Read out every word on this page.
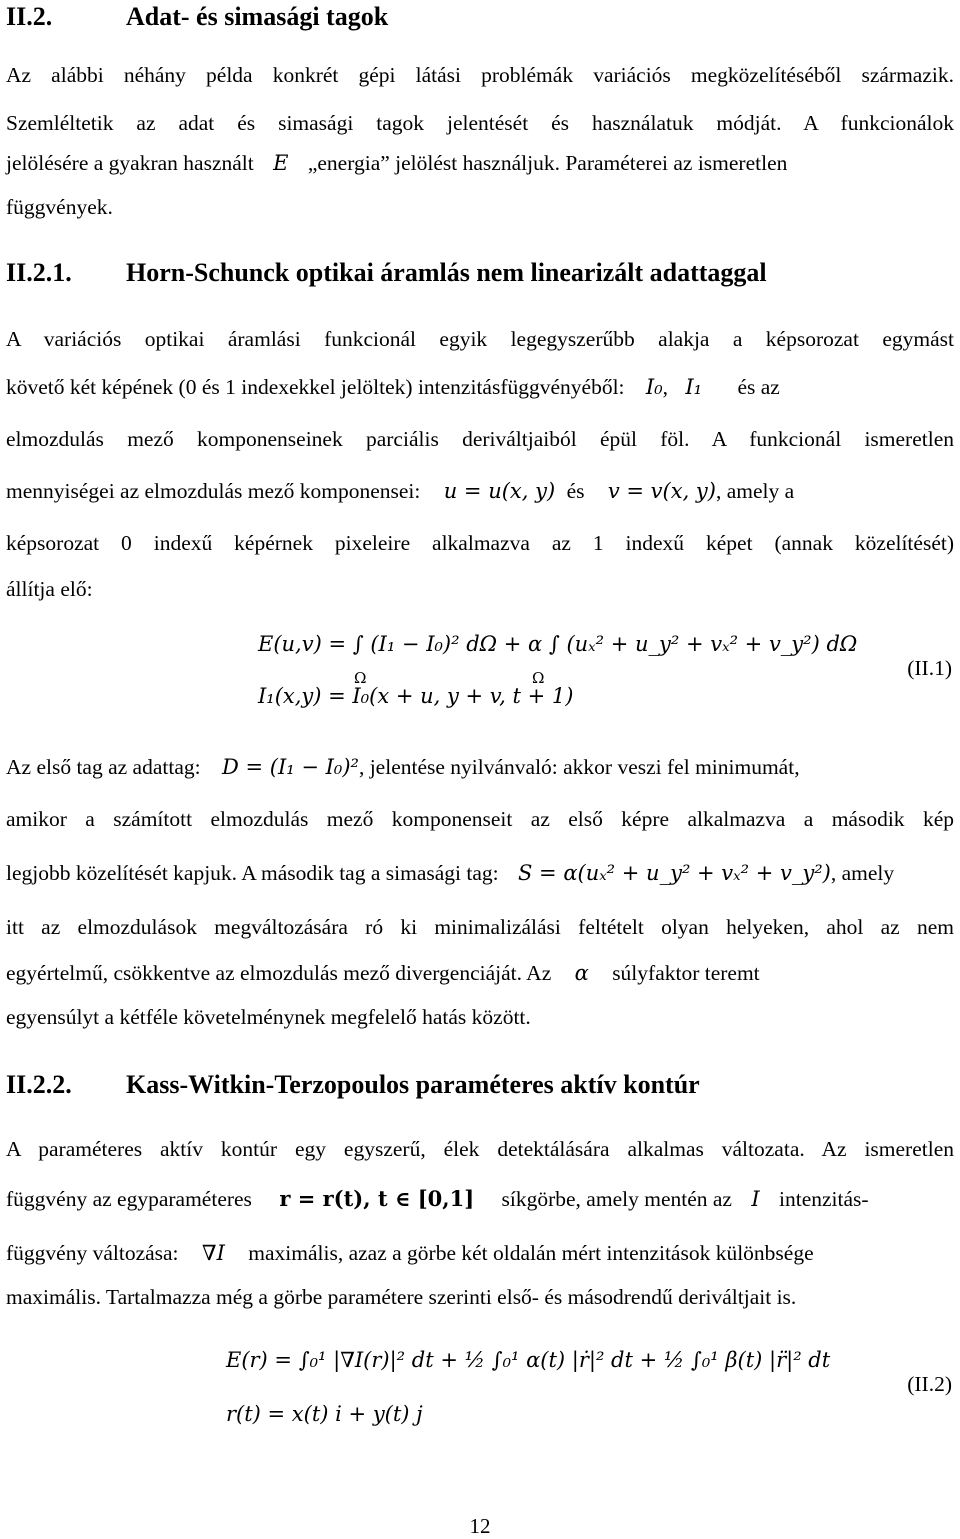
II.2.	Adat- és simasági tagok
Az alábbi néhány példa konkrét gépi látási problémák variációs megközelítéséből származik.
Szemléltetik az adat és simasági tagok jelentését és használatuk módját. A funkcionálok
jelölésére a gyakran használt E „energia” jelölést használjuk. Paraméterei az ismeretlen
függvények.
II.2.1. Horn-Schunck optikai áramlás nem linearizált adattaggal
A variációs optikai áramlási funkcionál egyik legegyszerűbb alakja a képsorozat egymást
követő két képének (0 és 1 indexekkel jelöltek) intenzitásfüggvényéből: I₀, I₁ és az
elmozdulás mező komponenseinek parciális deriváltjaiból épül föl. A funkcionál ismeretlen
mennyiségei az elmozdulás mező komponensei: u = u(x, y) és v = v(x, y), amely a
képsorozat 0 indexű képérnek pixeleire alkalmazva az 1 indexű képet (annak közelítését)
állítja elő:
E(u,v) = ∫ (I₁ − I₀)² dΩ + α ∫ (uₓ² + u_y² + vₓ² + v_y²) dΩ
Ω	Ω
I₁(x,y) = I₀(x + u, y + v, t + 1)
(II.1)
Az első tag az adattag: D = (I₁ − I₀)², jelentése nyilvánvaló: akkor veszi fel minimumát,
amikor a számított elmozdulás mező komponenseit az első képre alkalmazva a második kép
legjobb közelítését kapjuk. A második tag a simasági tag: S = α(uₓ² + u_y² + vₓ² + v_y²), amely
itt az elmozdulások megváltozására ró ki minimalizálási feltételt olyan helyeken, ahol az nem
egyértelmű, csökkentve az elmozdulás mező divergenciáját. Az α súlyfaktor teremt
egyensúlyt a kétféle követelménynek megfelelő hatás között.
II.2.2. Kass-Witkin-Terzopoulos paraméteres aktív kontúr
A paraméteres aktív kontúr egy egyszerű, élek detektálására alkalmas változata. Az ismeretlen
függvény az egyparaméteres r = r(t), t ∈ [0,1] síkgörbe, amely mentén az I intenzitás-
függvény változása: ∇I maximális, azaz a görbe két oldalán mért intenzitások különbsége
maximális. Tartalmazza még a görbe paramétere szerinti első- és másodrendű deriváltjait is.
E(r) = ∫₀¹ |∇I(r)|² dt + ½ ∫₀¹ α(t) |ṙ|² dt + ½ ∫₀¹ β(t) |r̈|² dt
r(t) = x(t) i + y(t) j
(II.2)
12
